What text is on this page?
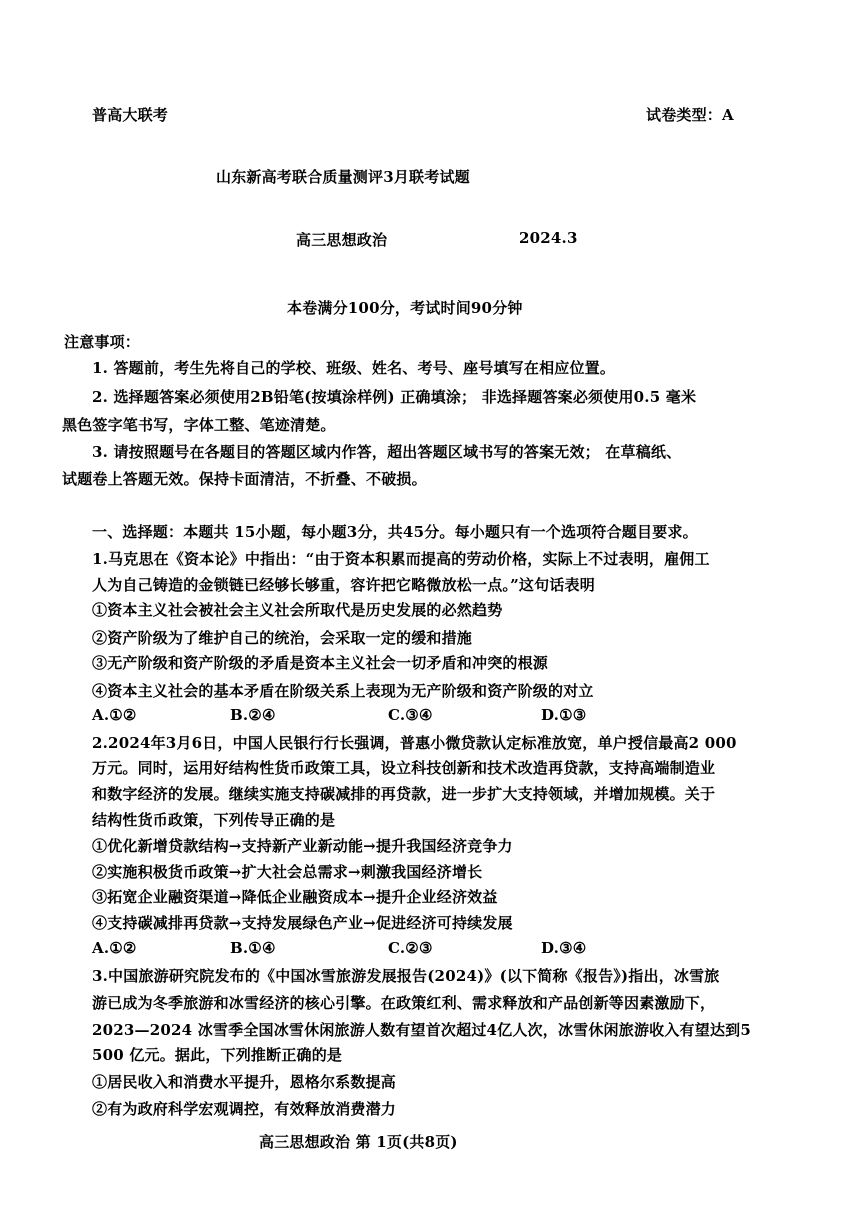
普高大联考	试卷类型：A
山东新高考联合质量测评3月联考试题
高三思想政治	2024.3
本卷满分100分，考试时间90分钟
注意事项：
1. 答题前，考生先将自己的学校、班级、姓名、考号、座号填写在相应位置。
2. 选择题答案必须使用2B铅笔(按填涂样例) 正确填涂； 非选择题答案必须使用0.5 毫米
黑色签字笔书写，字体工整、笔迹清楚。
3. 请按照题号在各题目的答题区域内作答，超出答题区域书写的答案无效； 在草稿纸、
试题卷上答题无效。保持卡面清洁，不折叠、不破损。
一、选择题：本题共 15小题，每小题3分，共45分。每小题只有一个选项符合题目要求。
1.马克思在《资本论》中指出：“由于资本积累而提高的劳动价格，实际上不过表明，雇佣工
人为自己铸造的金锁链已经够长够重，容许把它略微放松一点。”这句话表明
①资本主义社会被社会主义社会所取代是历史发展的必然趋势
②资产阶级为了维护自己的统治，会采取一定的缓和措施
③无产阶级和资产阶级的矛盾是资本主义社会一切矛盾和冲突的根源
④资本主义社会的基本矛盾在阶级关系上表现为无产阶级和资产阶级的对立
A.①②	B.②④	C.③④	D.①③
2.2024年3月6日，中国人民银行行长强调，普惠小微贷款认定标准放宽，单户授信最高2 000
万元。同时，运用好结构性货币政策工具，设立科技创新和技术改造再贷款，支持高端制造业
和数字经济的发展。继续实施支持碳减排的再贷款，进一步扩大支持领域，并增加规模。关于
结构性货币政策，下列传导正确的是
①优化新增贷款结构→支持新产业新动能→提升我国经济竞争力
②实施积极货币政策→扩大社会总需求→刺激我国经济增长
③拓宽企业融资渠道→降低企业融资成本→提升企业经济效益
④支持碳减排再贷款→支持发展绿色产业→促进经济可持续发展
A.①②	B.①④	C.②③	D.③④
3.中国旅游研究院发布的《中国冰雪旅游发展报告(2024)》(以下简称《报告》)指出，冰雪旅
游已成为冬季旅游和冰雪经济的核心引擎。在政策红利、需求释放和产品创新等因素激励下，
2023—2024 冰雪季全国冰雪休闲旅游人数有望首次超过4亿人次，冰雪休闲旅游收入有望达到5
500 亿元。据此，下列推断正确的是
①居民收入和消费水平提升，恩格尔系数提高
②有为政府科学宏观调控，有效释放消费潜力
高三思想政治 第 1页(共8页)
